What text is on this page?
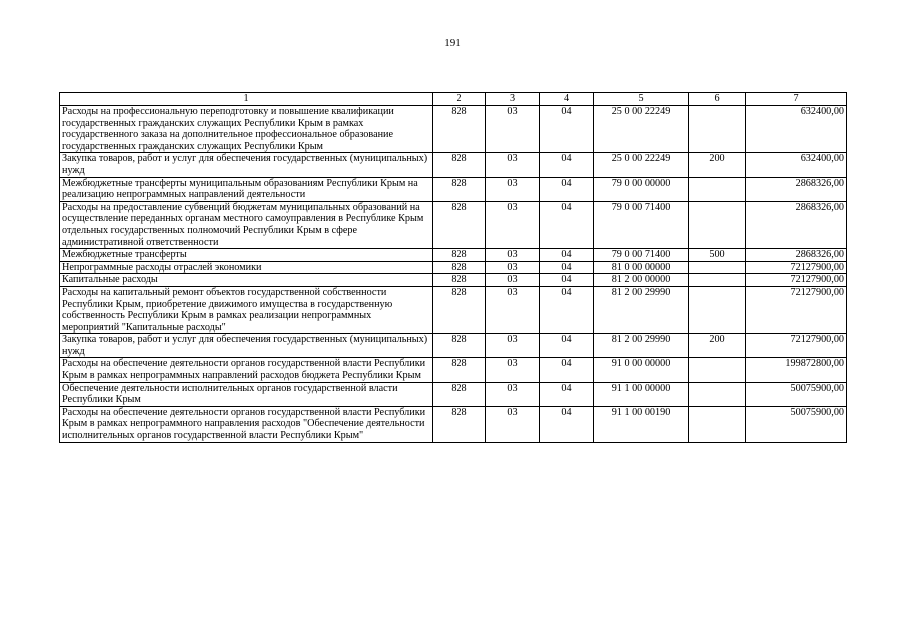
191
1	2	3	4	5	6	7
Расходы на профессиональную переподготовку и повышение квалификации государственных гражданских служащих Республики Крым в рамках государственного заказа на дополнительное профессиональное образование государственных гражданских служащих Республики Крым	828	03	04	25 0 00 22249		632400,00
Закупка товаров, работ и услуг для обеспечения государственных (муниципальных) нужд	828	03	04	25 0 00 22249	200	632400,00
Межбюджетные трансферты муниципальным образованиям Республики Крым на реализацию непрограммных направлений деятельности	828	03	04	79 0 00 00000		2868326,00
Расходы на предоставление субвенций бюджетам муниципальных образований на осуществление переданных органам местного самоуправления в Республике Крым отдельных государственных полномочий Республики Крым в сфере административной ответственности	828	03	04	79 0 00 71400		2868326,00
Межбюджетные трансферты	828	03	04	79 0 00 71400	500	2868326,00
Непрограммные расходы отраслей экономики	828	03	04	81 0 00 00000		72127900,00
Капитальные расходы	828	03	04	81 2 00 00000		72127900,00
Расходы на капитальный ремонт объектов государственной собственности Республики Крым, приобретение движимого имущества в государственную собственность Республики Крым в рамках реализации непрограммных мероприятий "Капитальные расходы"	828	03	04	81 2 00 29990		72127900,00
Закупка товаров, работ и услуг для обеспечения государственных (муниципальных) нужд	828	03	04	81 2 00 29990	200	72127900,00
Расходы на обеспечение деятельности органов государственной власти Республики Крым в рамках непрограммных направлений расходов бюджета Республики Крым	828	03	04	91 0 00 00000		199872800,00
Обеспечение деятельности исполнительных органов государственной власти Республики Крым	828	03	04	91 1 00 00000		50075900,00
Расходы на обеспечение деятельности органов государственной власти Республики Крым в рамках непрограммного направления расходов "Обеспечение деятельности исполнительных органов государственной власти Республики Крым"	828	03	04	91 1 00 00190		50075900,00
